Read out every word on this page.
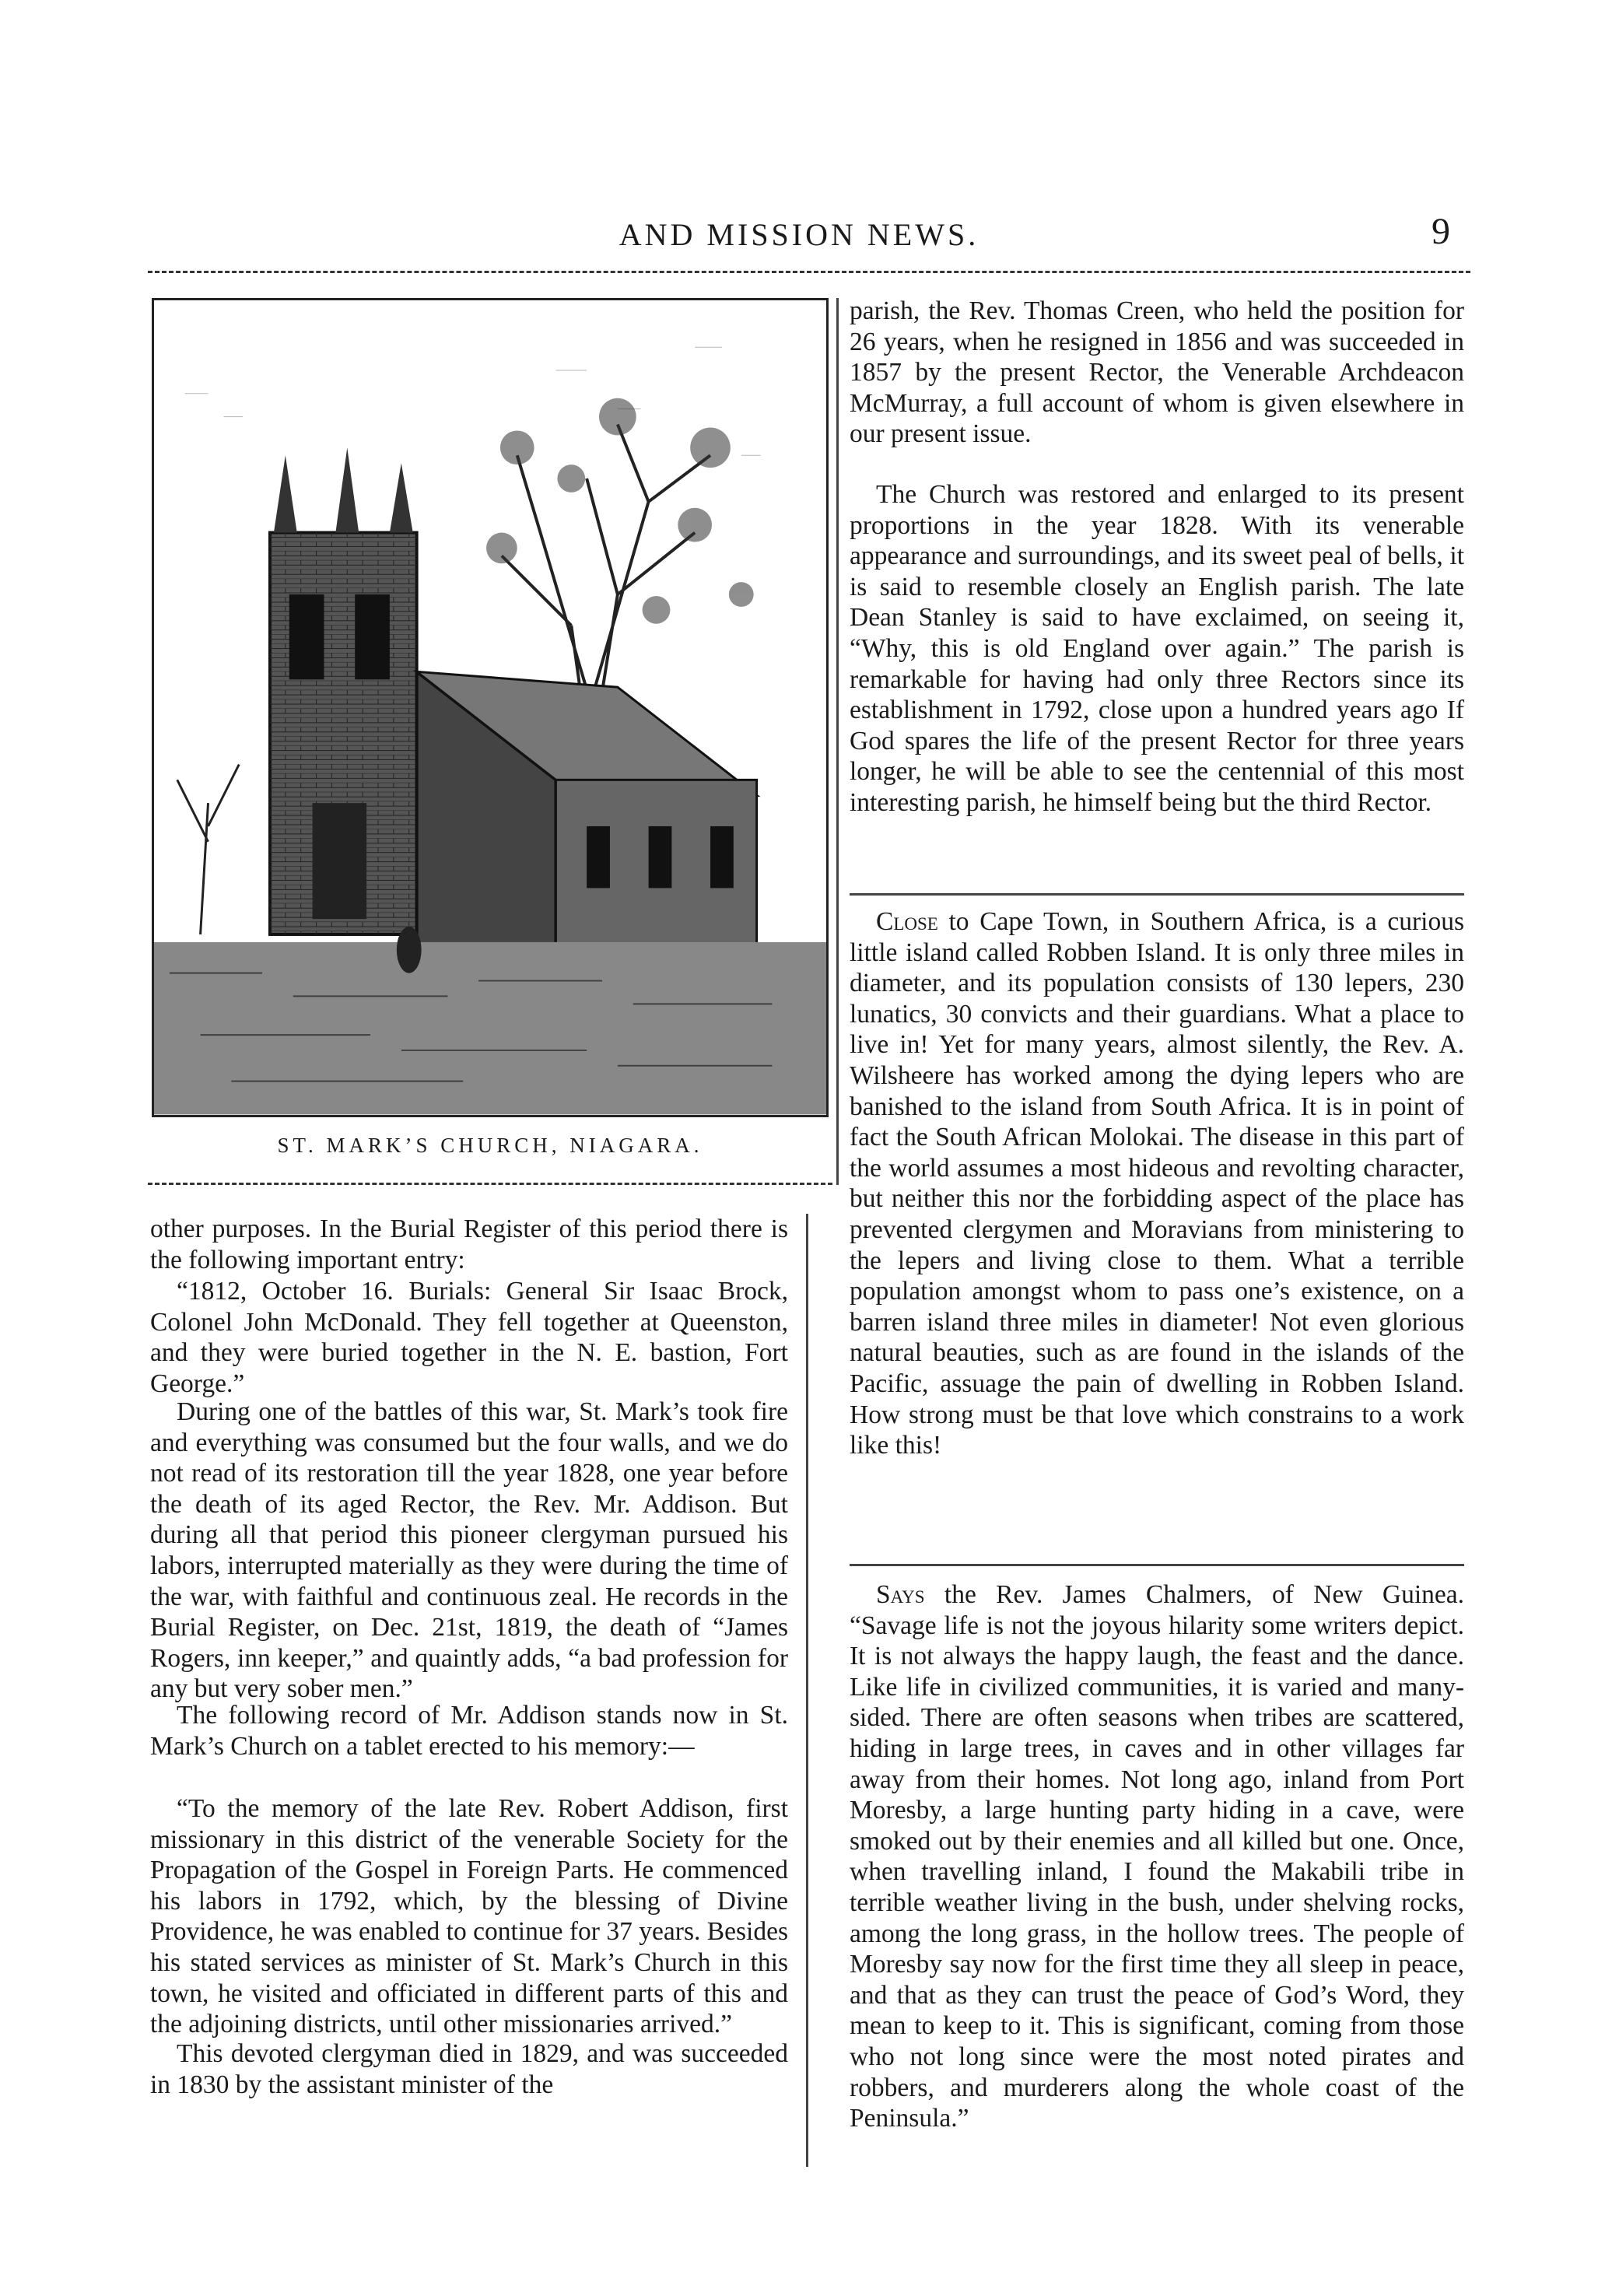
AND MISSION NEWS.	9
ST. MARK’S CHURCH, NIAGARA.

parish, the Rev. Thomas Creen, who held the position for 26 years, when he resigned in 1856 and was succeeded in 1857 by the present Rector, the Venerable Archdeacon McMurray, a full account of whom is given elsewhere in our present issue.

The Church was restored and enlarged to its present proportions in the year 1828. With its venerable appearance and surroundings, and its sweet peal of bells, it is said to resemble closely an English parish. The late Dean Stanley is said to have exclaimed, on seeing it, “Why, this is old England over again.” The parish is remarkable for having had only three Rectors since its establishment in 1792, close upon a hundred years ago If God spares the life of the present Rector for three years longer, he will be able to see the centennial of this most interesting parish, he himself being but the third Rector.

Close to Cape Town, in Southern Africa, is a curious little island called Robben Island. It is only three miles in diameter, and its population consists of 130 lepers, 230 lunatics, 30 convicts and their guardians. What a place to live in! Yet for many years, almost silently, the Rev. A. Wilsheere has worked among the dying lepers who are banished to the island from South Africa. It is in point of fact the South African Molokai. The disease in this part of the world assumes a most hideous and revolting character, but neither this nor the forbidding aspect of the place has prevented clergymen and Moravians from ministering to the lepers and living close to them. What a terrible population amongst whom to pass one’s existence, on a barren island three miles in diameter! Not even glorious natural beauties, such as are found in the islands of the Pacific, assuage the pain of dwelling in Robben Island. How strong must be that love which constrains to a work like this!

Says the Rev. James Chalmers, of New Guinea. “Savage life is not the joyous hilarity some writers depict. It is not always the happy laugh, the feast and the dance. Like life in civilized communities, it is varied and many-sided. There are often seasons when tribes are scattered, hiding in large trees, in caves and in other villages far away from their homes. Not long ago, inland from Port Moresby, a large hunting party hiding in a cave, were smoked out by their enemies and all killed but one. Once, when travelling inland, I found the Makabili tribe in terrible weather living in the bush, under shelving rocks, among the long grass, in the hollow trees. The people of Moresby say now for the first time they all sleep in peace, and that as they can trust the peace of God’s Word, they mean to keep to it. This is significant, coming from those who not long since were the most noted pirates and robbers, and murderers along the whole coast of the Peninsula.”

other purposes. In the Burial Register of this period there is the following important entry:

“1812, October 16. Burials: General Sir Isaac Brock, Colonel John McDonald. They fell together at Queenston, and they were buried together in the N. E. bastion, Fort George.”

During one of the battles of this war, St. Mark’s took fire and everything was consumed but the four walls, and we do not read of its restoration till the year 1828, one year before the death of its aged Rector, the Rev. Mr. Addison. But during all that period this pioneer clergyman pursued his labors, interrupted materially as they were during the time of the war, with faithful and continuous zeal. He records in the Burial Register, on Dec. 21st, 1819, the death of “James Rogers, inn keeper,” and quaintly adds, “a bad profession for any but very sober men.”

The following record of Mr. Addison stands now in St. Mark’s Church on a tablet erected to his memory:—

“To the memory of the late Rev. Robert Addison, first missionary in this district of the venerable Society for the Propagation of the Gospel in Foreign Parts. He commenced his labors in 1792, which, by the blessing of Divine Providence, he was enabled to continue for 37 years. Besides his stated services as minister of St. Mark’s Church in this town, he visited and officiated in different parts of this and the adjoining districts, until other missionaries arrived.”

This devoted clergyman died in 1829, and was succeeded in 1830 by the assistant minister of the
